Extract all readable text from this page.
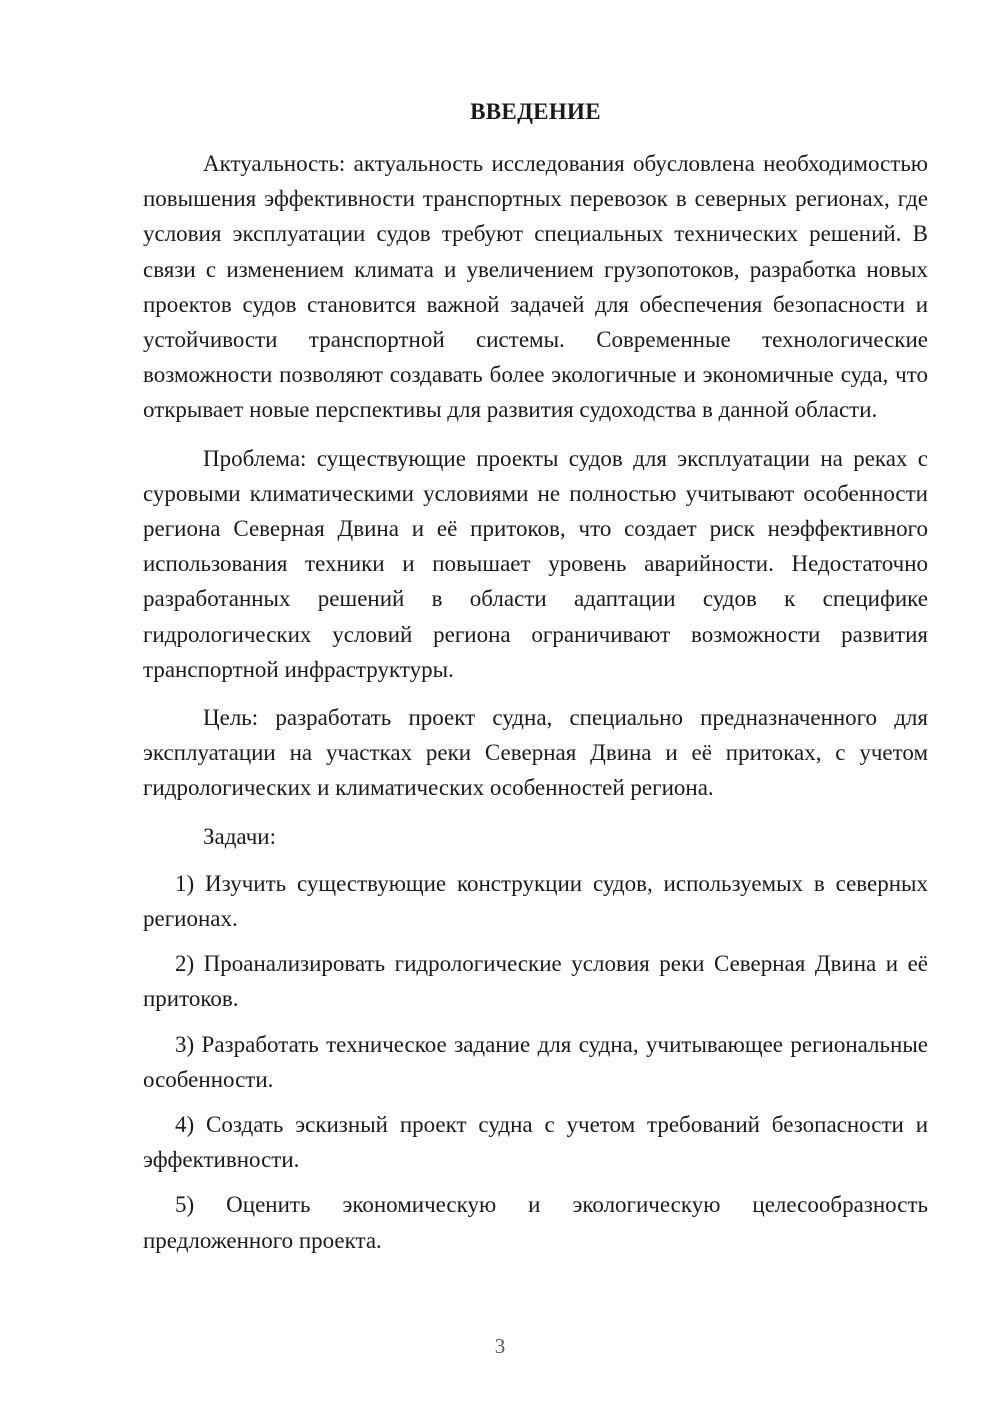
ВВЕДЕНИЕ

Актуальность: актуальность исследования обусловлена необходимостью повышения эффективности транспортных перевозок в северных регионах, где условия эксплуатации судов требуют специальных технических решений. В связи с изменением климата и увеличением грузопотоков, разработка новых проектов судов становится важной задачей для обеспечения безопасности и устойчивости транспортной системы. Современные технологические возможности позволяют создавать более экологичные и экономичные суда, что открывает новые перспективы для развития судоходства в данной области.

Проблема: существующие проекты судов для эксплуатации на реках с суровыми климатическими условиями не полностью учитывают особенности региона Северная Двина и её притоков, что создает риск неэффективного использования техники и повышает уровень аварийности. Недостаточно разработанных решений в области адаптации судов к специфике гидрологических условий региона ограничивают возможности развития транспортной инфраструктуры.

Цель: разработать проект судна, специально предназначенного для эксплуатации на участках реки Северная Двина и её притоках, с учетом гидрологических и климатических особенностей региона.

Задачи:

1) Изучить существующие конструкции судов, используемых в северных регионах.

2) Проанализировать гидрологические условия реки Северная Двина и её притоков.

3) Разработать техническое задание для судна, учитывающее региональные особенности.

4) Создать эскизный проект судна с учетом требований безопасности и эффективности.

5) Оценить экономическую и экологическую целесообразность предложенного проекта.

3
